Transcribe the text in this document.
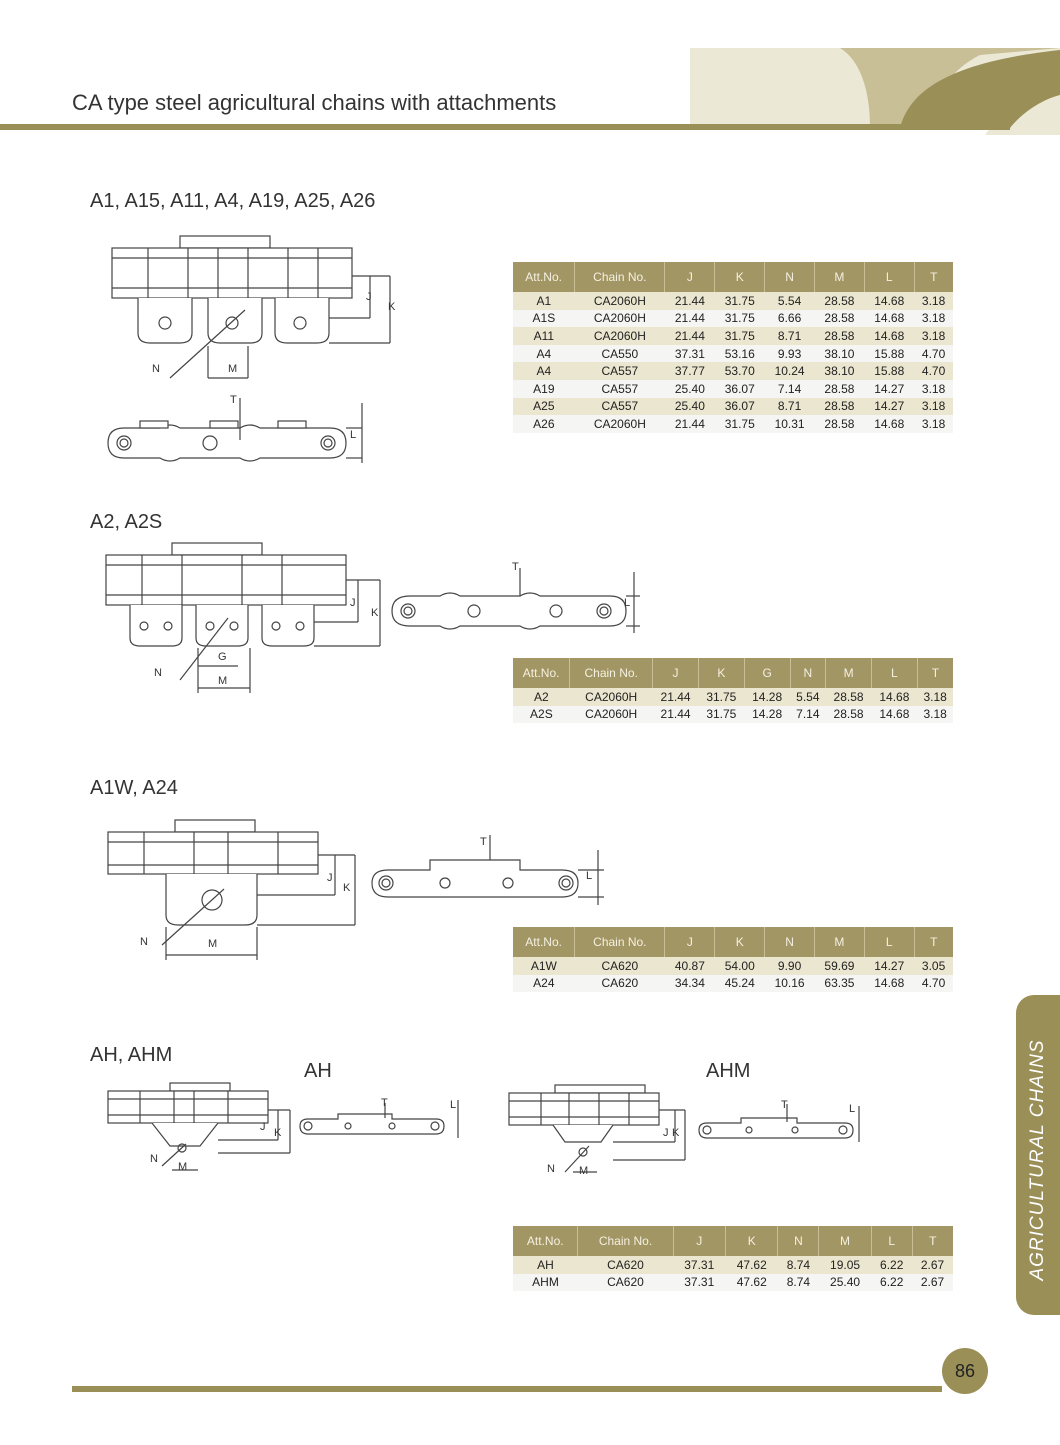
CA type steel agricultural chains with attachments
A1, A15, A11, A4, A19, A25, A26
J
K
N	M
T
L
Att.No.	Chain No.	J	K	N	M	L	T
A1	CA2060H	21.44	31.75	5.54	28.58	14.68	3.18
A1S	CA2060H	21.44	31.75	6.66	28.58	14.68	3.18
A11	CA2060H	21.44	31.75	8.71	28.58	14.68	3.18
A4	CA550	37.31	53.16	9.93	38.10	15.88	4.70
A4	CA557	37.77	53.70	10.24	38.10	15.88	4.70
A19	CA557	25.40	36.07	7.14	28.58	14.27	3.18
A25	CA557	25.40	36.07	8.71	28.58	14.27	3.18
A26	CA2060H	21.44	31.75	10.31	28.58	14.68	3.18
A2, A2S
J
K
N
G
M
T
L
Att.No.	Chain No.	J	K	G	N	M	L	T
A2	CA2060H	21.44	31.75	14.28	5.54	28.58	14.68	3.18
A2S	CA2060H	21.44	31.75	14.28	7.14	28.58	14.68	3.18
A1W, A24
J
K
N	M
T
L
Att.No.	Chain No.	J	K	N	M	L	T
A1W	CA620	40.87	54.00	9.90	59.69	14.27	3.05
A24	CA620	34.34	45.24	10.16	63.35	14.68	4.70
AH, AHM
AH	AHM
J K
N
M
T	L
J K
N M
T	L
Att.No.	Chain No.	J	K	N	M	L	T
AH	CA620	37.31	47.62	8.74	19.05	6.22	2.67
AHM	CA620	37.31	47.62	8.74	25.40	6.22	2.67
AGRICULTURAL CHAINS
86
